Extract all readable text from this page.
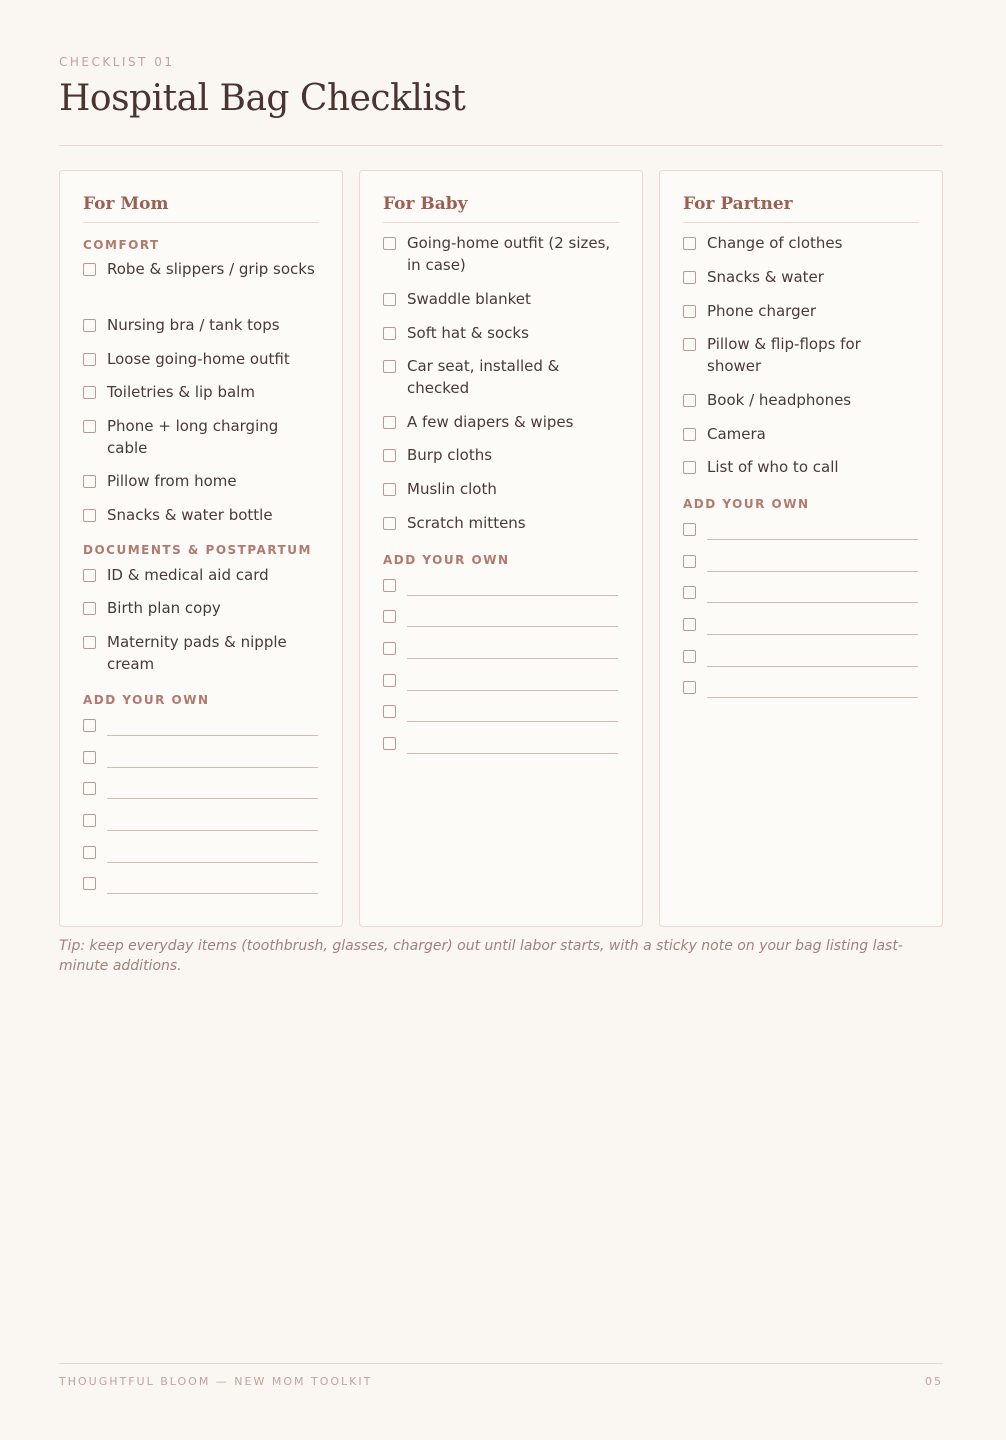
CHECKLIST 01
Hospital Bag Checklist
For Mom
COMFORT
Robe & slippers / grip socks
Nursing bra / tank tops
Loose going-home outfit
Toiletries & lip balm
Phone + long charging cable
Pillow from home
Snacks & water bottle
DOCUMENTS & POSTPARTUM
ID & medical aid card
Birth plan copy
Maternity pads & nipple cream
ADD YOUR OWN
For Baby
Going-home outfit (2 sizes, in case)
Swaddle blanket
Soft hat & socks
Car seat, installed & checked
A few diapers & wipes
Burp cloths
Muslin cloth
Scratch mittens
ADD YOUR OWN
For Partner
Change of clothes
Snacks & water
Phone charger
Pillow & flip-flops for shower
Book / headphones
Camera
List of who to call
ADD YOUR OWN
Tip: keep everyday items (toothbrush, glasses, charger) out until labor starts, with a sticky note on your bag listing last-minute additions.
THOUGHTFUL BLOOM — NEW MOM TOOLKIT	05
